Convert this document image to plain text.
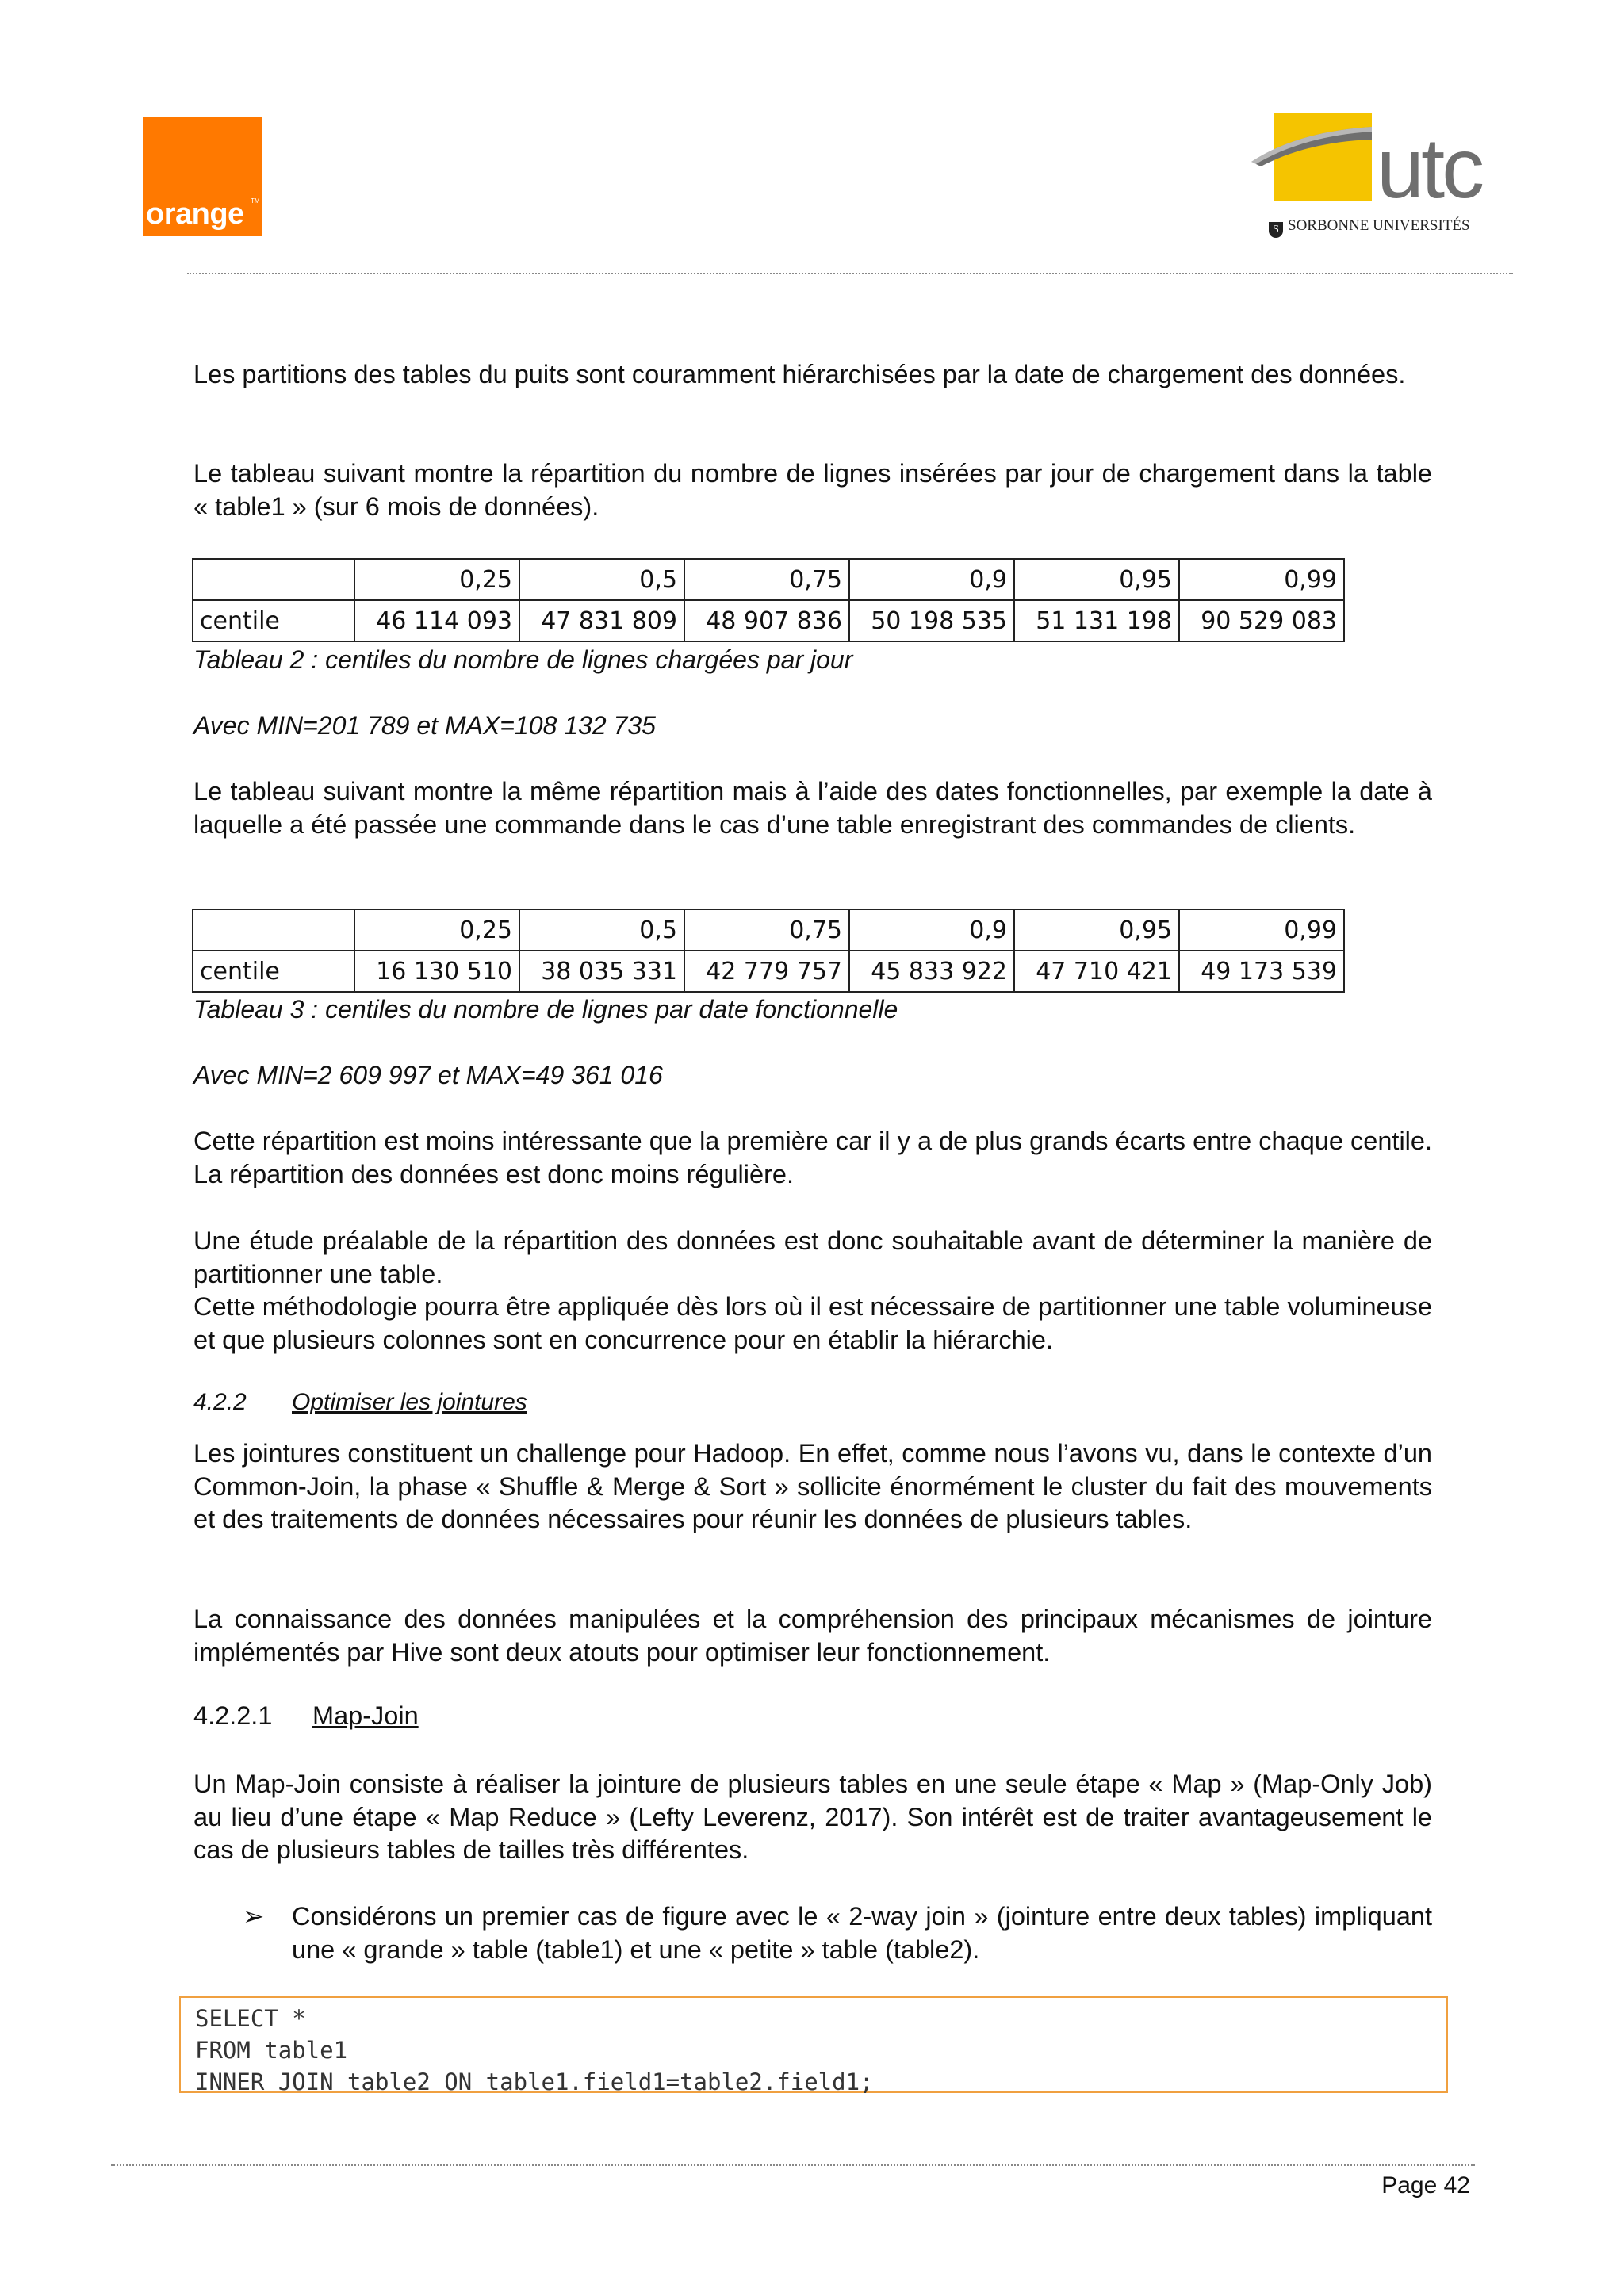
orange TM	utc
S SORBONNE UNIVERSITÉS

Les partitions des tables du puits sont couramment hiérarchisées par la date de chargement des données.

Le tableau suivant montre la répartition du nombre de lignes insérées par jour de chargement dans la table « table1 » (sur 6 mois de données).

	0,25	0,5	0,75	0,9	0,95	0,99
centile	46 114 093	47 831 809	48 907 836	50 198 535	51 131 198	90 529 083

Tableau 2 : centiles du nombre de lignes chargées par jour

Avec MIN=201 789 et MAX=108 132 735

Le tableau suivant montre la même répartition mais à l’aide des dates fonctionnelles, par exemple la date à laquelle a été passée une commande dans le cas d’une table enregistrant des commandes de clients.

	0,25	0,5	0,75	0,9	0,95	0,99
centile	16 130 510	38 035 331	42 779 757	45 833 922	47 710 421	49 173 539

Tableau 3 : centiles du nombre de lignes par date fonctionnelle

Avec MIN=2 609 997 et MAX=49 361 016

Cette répartition est moins intéressante que la première car il y a de plus grands écarts entre chaque centile. La répartition des données est donc moins régulière.

Une étude préalable de la répartition des données est donc souhaitable avant de déterminer la manière de partitionner une table.

Cette méthodologie pourra être appliquée dès lors où il est nécessaire de partitionner une table volumineuse et que plusieurs colonnes sont en concurrence pour en établir la hiérarchie.

4.2.2 Optimiser les jointures

Les jointures constituent un challenge pour Hadoop. En effet, comme nous l’avons vu, dans le contexte d’un Common-Join, la phase « Shuffle & Merge & Sort » sollicite énormément le cluster du fait des mouvements et des traitements de données nécessaires pour réunir les données de plusieurs tables.

La connaissance des données manipulées et la compréhension des principaux mécanismes de jointure implémentés par Hive sont deux atouts pour optimiser leur fonctionnement.

4.2.2.1 Map-Join

Un Map-Join consiste à réaliser la jointure de plusieurs tables en une seule étape « Map » (Map-Only Job) au lieu d’une étape « Map Reduce » (Lefty Leverenz, 2017). Son intérêt est de traiter avantageusement le cas de plusieurs tables de tailles très différentes.

➢ Considérons un premier cas de figure avec le « 2-way join » (jointure entre deux tables) impliquant une « grande » table (table1) et une « petite » table (table2).
SELECT *
FROM table1
INNER JOIN table2 ON table1.field1=table2.field1;
Page 42
